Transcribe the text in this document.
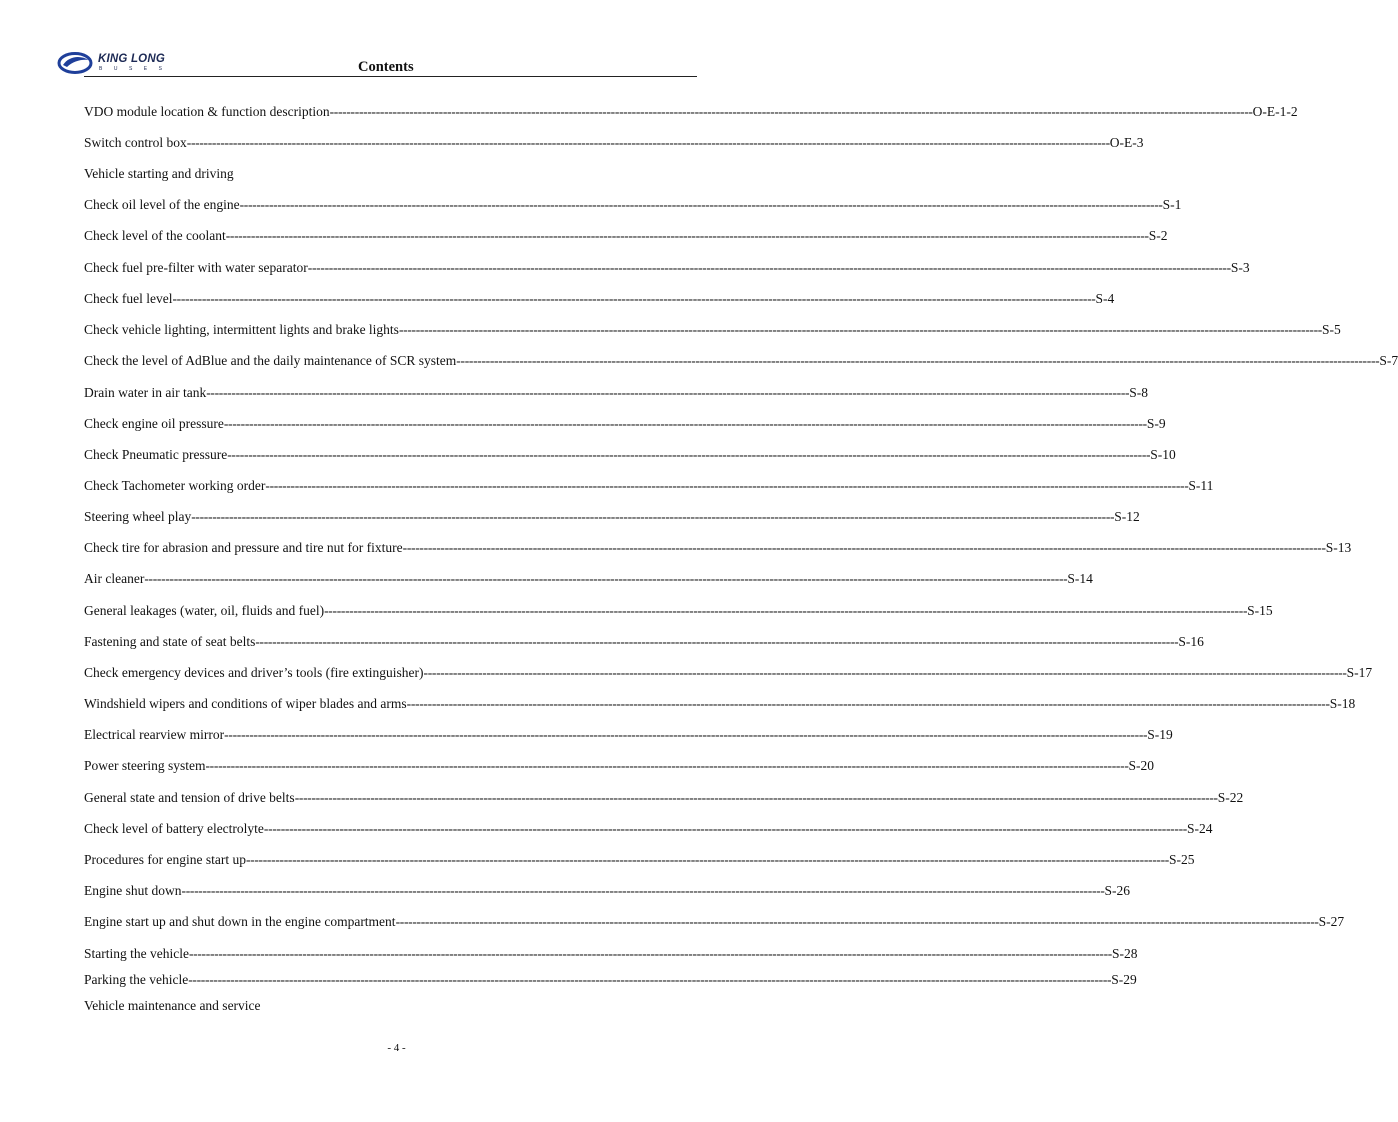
KING LONG
BUSES	Contents
VDO module location & function description ---------------------------------------------------------------------------------------------------------------------------------------------------------------------------------------------------------------------------- O-E-1-2
Switch control box ---------------------------------------------------------------------------------------------------------------------------------------------------------------------------------------------------------------------------- O-E-3
Vehicle starting and driving
Check oil level of the engine ---------------------------------------------------------------------------------------------------------------------------------------------------------------------------------------------------------------------------- S-1
Check level of the coolant ---------------------------------------------------------------------------------------------------------------------------------------------------------------------------------------------------------------------------- S-2
Check fuel pre-filter with water separator ---------------------------------------------------------------------------------------------------------------------------------------------------------------------------------------------------------------------------- S-3
Check fuel level ---------------------------------------------------------------------------------------------------------------------------------------------------------------------------------------------------------------------------- S-4
Check vehicle lighting, intermittent lights and brake lights ---------------------------------------------------------------------------------------------------------------------------------------------------------------------------------------------------------------------------- S-5
Check the level of AdBlue and the daily maintenance of SCR system ---------------------------------------------------------------------------------------------------------------------------------------------------------------------------------------------------------------------------- S-7
Drain water in air tank ---------------------------------------------------------------------------------------------------------------------------------------------------------------------------------------------------------------------------- S-8
Check engine oil pressure ---------------------------------------------------------------------------------------------------------------------------------------------------------------------------------------------------------------------------- S-9
Check Pneumatic pressure ---------------------------------------------------------------------------------------------------------------------------------------------------------------------------------------------------------------------------- S-10
Check Tachometer working order ---------------------------------------------------------------------------------------------------------------------------------------------------------------------------------------------------------------------------- S-11
Steering wheel play ---------------------------------------------------------------------------------------------------------------------------------------------------------------------------------------------------------------------------- S-12
Check tire for abrasion and pressure and tire nut for fixture ---------------------------------------------------------------------------------------------------------------------------------------------------------------------------------------------------------------------------- S-13
Air cleaner ---------------------------------------------------------------------------------------------------------------------------------------------------------------------------------------------------------------------------- S-14
General leakages (water, oil, fluids and fuel) ---------------------------------------------------------------------------------------------------------------------------------------------------------------------------------------------------------------------------- S-15
Fastening and state of seat belts ---------------------------------------------------------------------------------------------------------------------------------------------------------------------------------------------------------------------------- S-16
Check emergency devices and driver’s tools (fire extinguisher) ---------------------------------------------------------------------------------------------------------------------------------------------------------------------------------------------------------------------------- S-17
Windshield wipers and conditions of wiper blades and arms ---------------------------------------------------------------------------------------------------------------------------------------------------------------------------------------------------------------------------- S-18
Electrical rearview mirror ---------------------------------------------------------------------------------------------------------------------------------------------------------------------------------------------------------------------------- S-19
Power steering system ---------------------------------------------------------------------------------------------------------------------------------------------------------------------------------------------------------------------------- S-20
General state and tension of drive belts ---------------------------------------------------------------------------------------------------------------------------------------------------------------------------------------------------------------------------- S-22
Check level of battery electrolyte ---------------------------------------------------------------------------------------------------------------------------------------------------------------------------------------------------------------------------- S-24
Procedures for engine start up ---------------------------------------------------------------------------------------------------------------------------------------------------------------------------------------------------------------------------- S-25
Engine shut down ---------------------------------------------------------------------------------------------------------------------------------------------------------------------------------------------------------------------------- S-26
Engine start up and shut down in the engine compartment ---------------------------------------------------------------------------------------------------------------------------------------------------------------------------------------------------------------------------- S-27
Starting the vehicle ---------------------------------------------------------------------------------------------------------------------------------------------------------------------------------------------------------------------------- S-28
Parking the vehicle ---------------------------------------------------------------------------------------------------------------------------------------------------------------------------------------------------------------------------- S-29
Vehicle maintenance and service
- 4 -
